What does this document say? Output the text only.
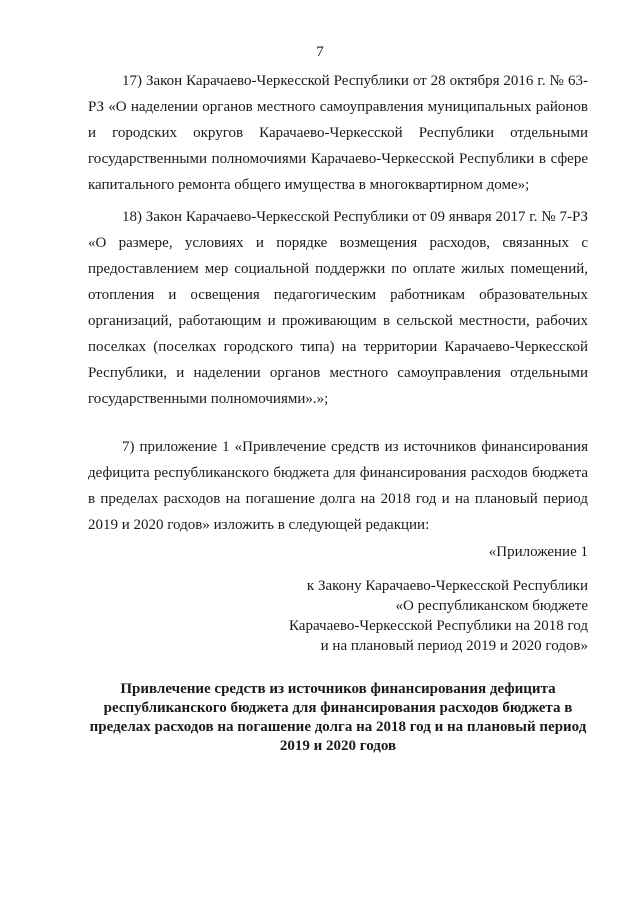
7

17) Закон Карачаево-Черкесской Республики от 28 октября 2016 г. № 63-РЗ «О наделении органов местного самоуправления муниципальных районов и городских округов Карачаево-Черкесской Республики отдельными государственными полномочиями Карачаево-Черкесской Республики в сфере капитального ремонта общего имущества в многоквартирном доме»;

18) Закон Карачаево-Черкесской Республики от 09 января 2017 г. № 7-РЗ «О размере, условиях и порядке возмещения расходов, связанных с предоставлением мер социальной поддержки по оплате жилых помещений, отопления и освещения педагогическим работникам образовательных организаций, работающим и проживающим в сельской местности, рабочих поселках (поселках городского типа) на территории Карачаево-Черкесской Республики, и наделении органов местного самоуправления отдельными государственными полномочиями».»;

7) приложение 1 «Привлечение средств из источников финансирования дефицита республиканского бюджета для финансирования расходов бюджета в пределах расходов на погашение долга на 2018 год и на плановый период 2019 и 2020 годов» изложить в следующей редакции:

«Приложение 1
к Закону Карачаево-Черкесской Республики
«О республиканском бюджете
Карачаево-Черкесской Республики на 2018 год
и на плановый период 2019 и 2020 годов»
Привлечение средств из источников финансирования дефицита
республиканского бюджета для финансирования расходов бюджета в
пределах расходов на погашение долга на 2018 год и на плановый период
2019 и 2020 годов
